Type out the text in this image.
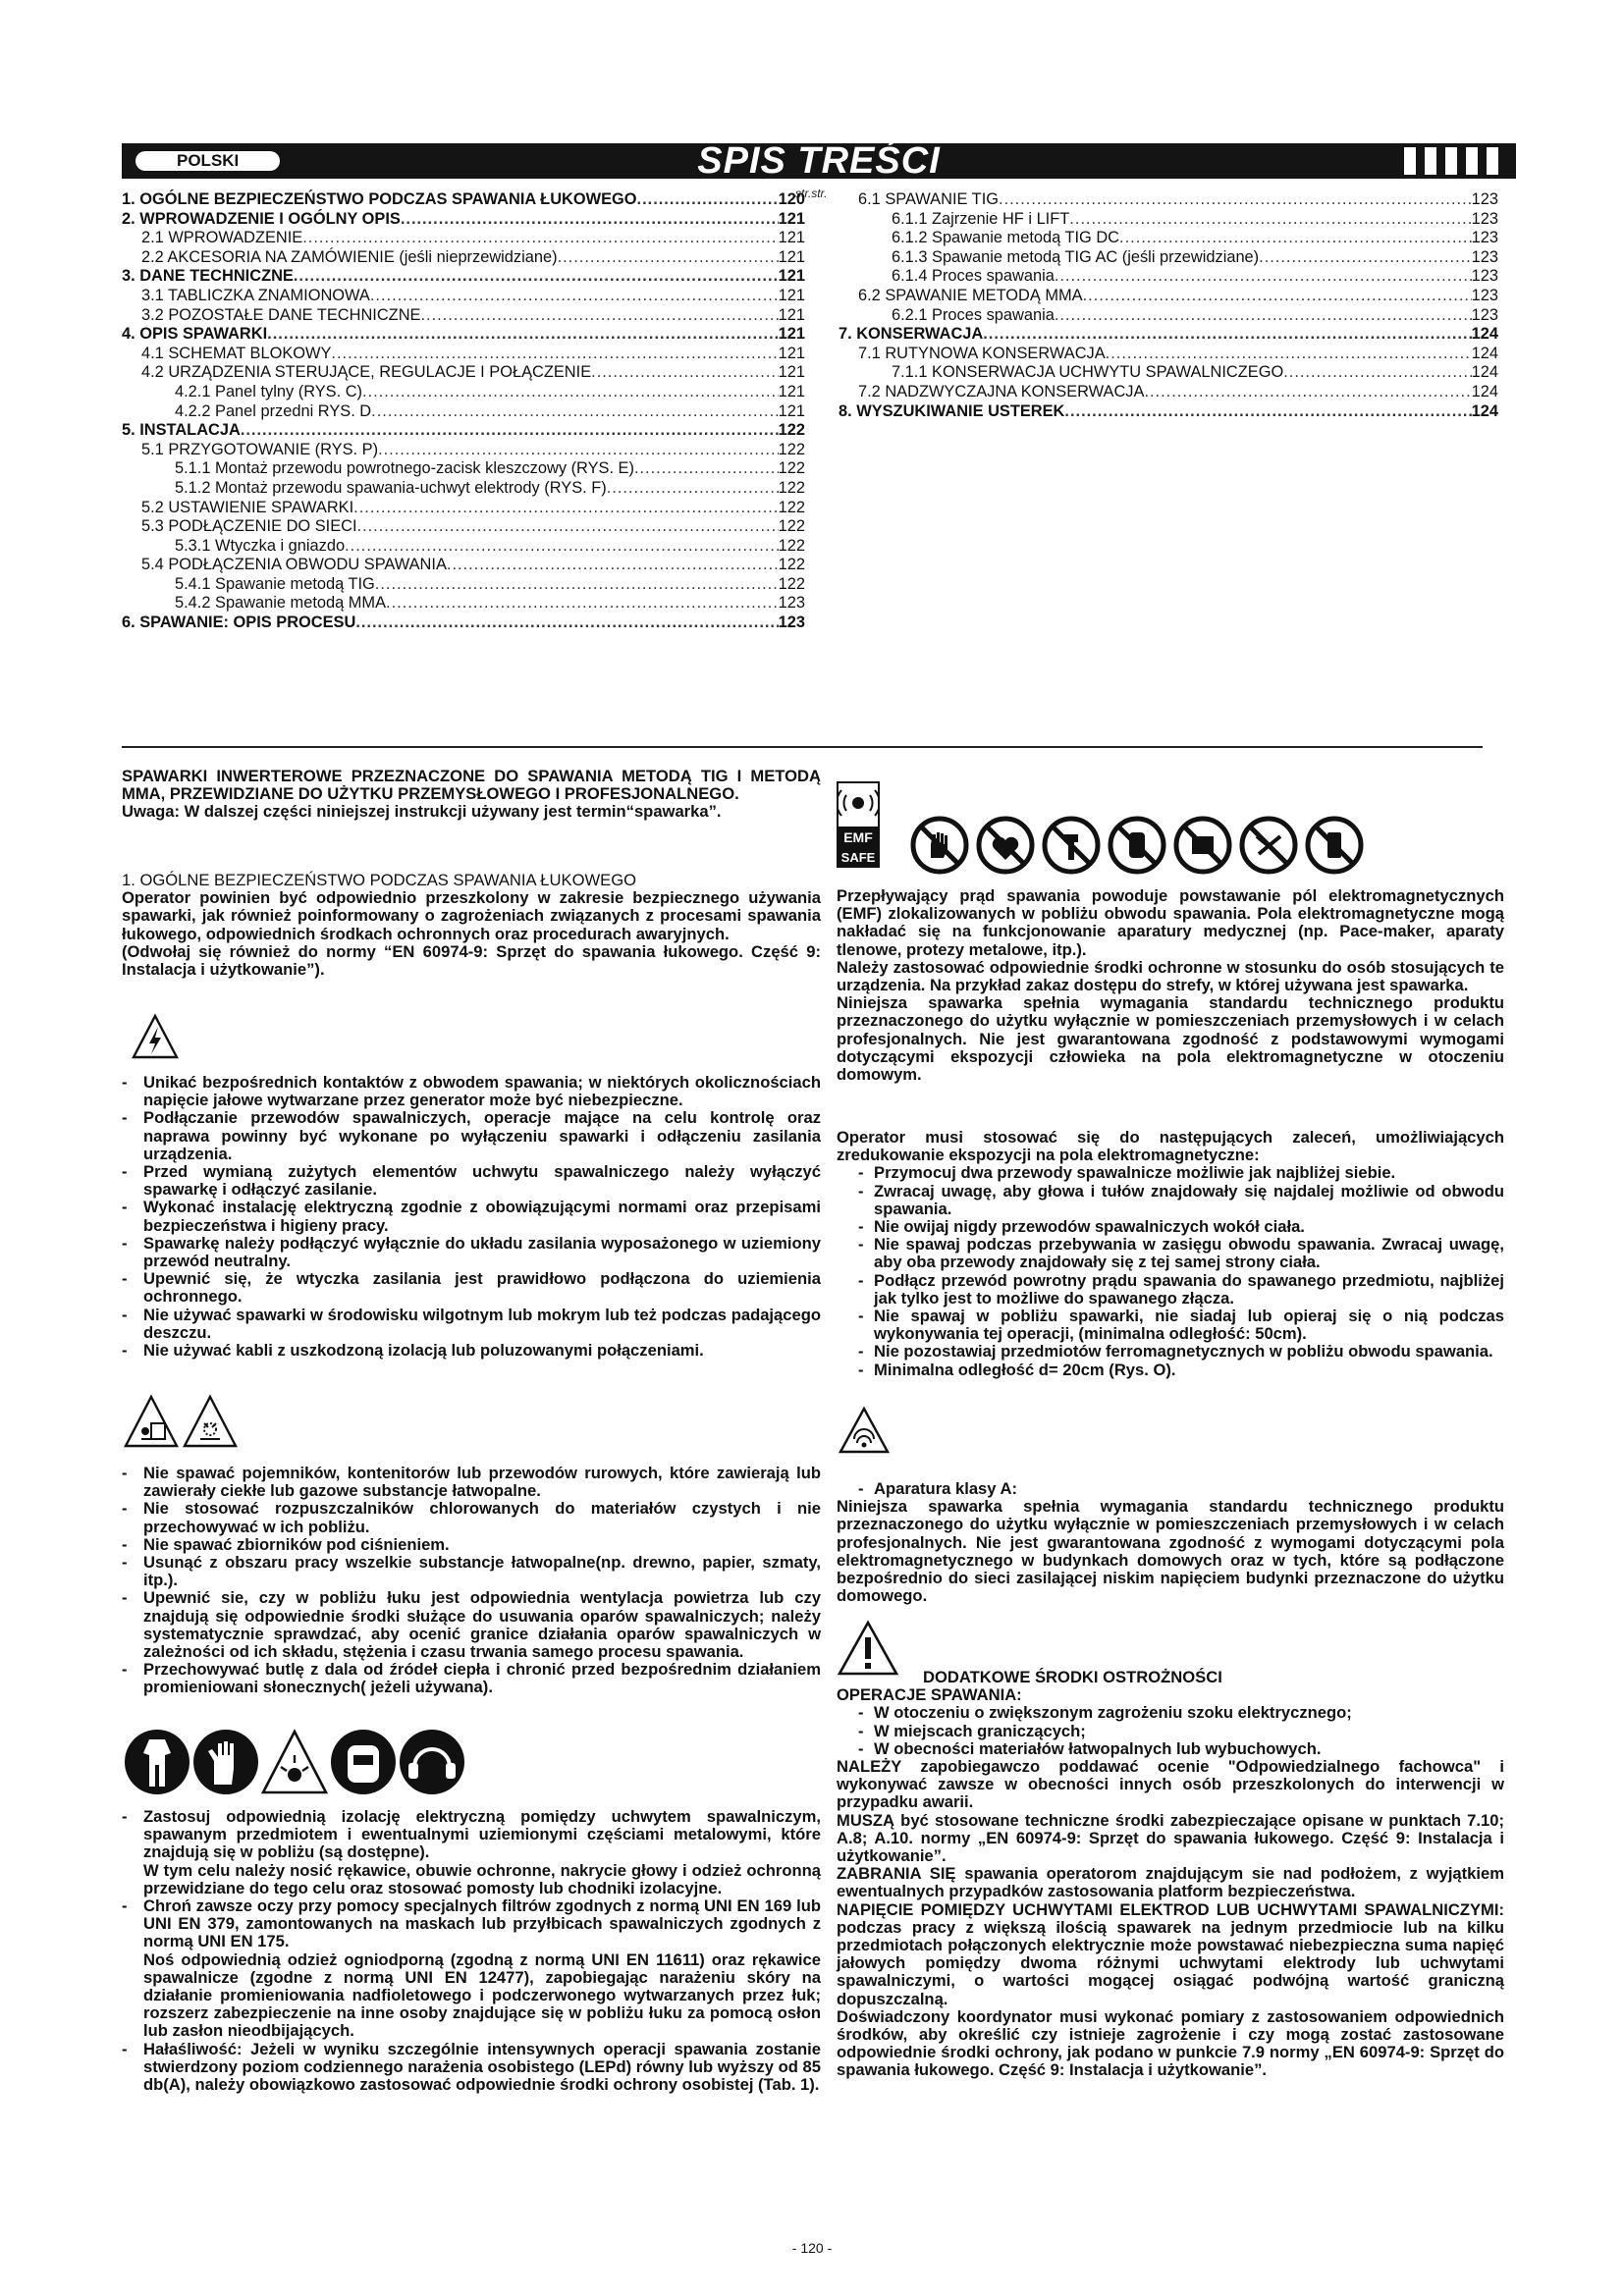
POLSKI	SPIS TREŚCI
str.str.
1. OGÓLNE BEZPIECZEŃSTWO PODCZAS SPAWANIA ŁUKOWEGO .....	120
2. WPROWADZENIE I OGÓLNY OPIS .....	121
2.1 WPROWADZENIE .....	121
2.2 AKCESORIA NA ZAMÓWIENIE (jeśli nieprzewidziane) .....	121
3. DANE TECHNICZNE .....	121
3.1 TABLICZKA ZNAMIONOWA .....	121
3.2 POZOSTAŁE DANE TECHNICZNE .....	121
4. OPIS SPAWARKI .....	121
4.1 SCHEMAT BLOKOWY .....	121
4.2 URZĄDZENIA STERUJĄCE, REGULACJE I POŁĄCZENIE .....	121
4.2.1 Panel tylny (RYS. C) .....	121
4.2.2 Panel przedni RYS. D .....	121
5. INSTALACJA .....	122
5.1 PRZYGOTOWANIE (RYS. P) .....	122
5.1.1 Montaż przewodu powrotnego-zacisk kleszczowy (RYS. E) .....	122
5.1.2 Montaż przewodu spawania-uchwyt elektrody (RYS. F) .....	122
5.2 USTAWIENIE SPAWARKI .....	122
5.3 PODŁĄCZENIE DO SIECI .....	122
5.3.1 Wtyczka i gniazdo .....	122
5.4 PODŁĄCZENIA OBWODU SPAWANIA .....	122
5.4.1 Spawanie metodą TIG .....	122
5.4.2 Spawanie metodą MMA .....	123
6. SPAWANIE: OPIS PROCESU .....	123
6.1 SPAWANIE TIG .....	123
6.1.1 Zajrzenie HF i LIFT .....	123
6.1.2 Spawanie metodą TIG DC .....	123
6.1.3 Spawanie metodą TIG AC (jeśli przewidziane) .....	123
6.1.4 Proces spawania .....	123
6.2 SPAWANIE METODĄ MMA .....	123
6.2.1 Proces spawania .....	123
7. KONSERWACJA .....	124
7.1 RUTYNOWA KONSERWACJA .....	124
7.1.1 KONSERWACJA UCHWYTU SPAWALNICZEGO .....	124
7.2 NADZWYCZAJNA KONSERWACJA .....	124
8. WYSZUKIWANIE USTEREK .....	124

SPAWARKI INWERTEROWE PRZEZNACZONE DO SPAWANIA METODĄ TIG I METODĄ MMA, PRZEWIDZIANE DO UŻYTKU PRZEMYSŁOWEGO I PROFESJONALNEGO.

Uwaga: W dalszej części niniejszej instrukcji używany jest termin“spawarka”.

1. OGÓLNE BEZPIECZEŃSTWO PODCZAS SPAWANIA ŁUKOWEGO

Operator powinien być odpowiednio przeszkolony w zakresie bezpiecznego używania spawarki, jak również poinformowany o zagrożeniach związanych z procesami spawania łukowego, odpowiednich środkach ochronnych oraz procedurach awaryjnych.

(Odwołaj się również do normy “EN 60974-9: Sprzęt do spawania łukowego. Część 9: Instalacja i użytkowanie”).

- Unikać bezpośrednich kontaktów z obwodem spawania; w niektórych okolicznościach napięcie jałowe wytwarzane przez generator może być niebezpieczne.

- Podłączanie przewodów spawalniczych, operacje mające na celu kontrolę oraz naprawa powinny być wykonane po wyłączeniu spawarki i odłączeniu zasilania urządzenia.

- Przed wymianą zużytych elementów uchwytu spawalniczego należy wyłączyć spawarkę i odłączyć zasilanie.

- Wykonać instalację elektryczną zgodnie z obowiązującymi normami oraz przepisami bezpieczeństwa i higieny pracy.

- Spawarkę należy podłączyć wyłącznie do układu zasilania wyposażonego w uziemiony przewód neutralny.

- Upewnić się, że wtyczka zasilania jest prawidłowo podłączona do uziemienia ochronnego.

- Nie używać spawarki w środowisku wilgotnym lub mokrym lub też podczas padającego deszczu.

- Nie używać kabli z uszkodzoną izolacją lub poluzowanymi połączeniami.

- Nie spawać pojemników, kontenitorów lub przewodów rurowych, które zawierają lub zawierały ciekłe lub gazowe substancje łatwopalne.

- Nie stosować rozpuszczalników chlorowanych do materiałów czystych i nie przechowywać w ich pobliżu.

- Nie spawać zbiorników pod ciśnieniem.

- Usunąć z obszaru pracy wszelkie substancje łatwopalne(np. drewno, papier, szmaty, itp.).

- Upewnić sie, czy w pobliżu łuku jest odpowiednia wentylacja powietrza lub czy znajdują się odpowiednie środki służące do usuwania oparów spawalniczych; należy systematycznie sprawdzać, aby ocenić granice działania oparów spawalniczych w zależności od ich składu, stężenia i czasu trwania samego procesu spawania.

- Przechowywać butlę z dala od źródeł ciepła i chronić przed bezpośrednim działaniem promieniowani słonecznych( jeżeli używana).

- Zastosuj odpowiednią izolację elektryczną pomiędzy uchwytem spawalniczym, spawanym przedmiotem i ewentualnymi uziemionymi częściami metalowymi, które znajdują się w pobliżu (są dostępne).

W tym celu należy nosić rękawice, obuwie ochronne, nakrycie głowy i odzież ochronną przewidziane do tego celu oraz stosować pomosty lub chodniki izolacyjne.

- Chroń zawsze oczy przy pomocy specjalnych filtrów zgodnych z normą UNI EN 169 lub UNI EN 379, zamontowanych na maskach lub przyłbicach spawalniczych zgodnych z normą UNI EN 175.

Noś odpowiednią odzież ogniodporną (zgodną z normą UNI EN 11611) oraz rękawice spawalnicze (zgodne z normą UNI EN 12477), zapobiegając narażeniu skóry na działanie promieniowania nadfioletowego i podczerwonego wytwarzanych przez łuk; rozszerz zabezpieczenie na inne osoby znajdujące się w pobliżu łuku za pomocą osłon lub zasłon nieodbijających.

- Hałaśliwość: Jeżeli w wyniku szczególnie intensywnych operacji spawania zostanie stwierdzony poziom codziennego narażenia osobistego (LEPd) równy lub wyższy od 85 db(A), należy obowiązkowo zastosować odpowiednie środki ochrony osobistej (Tab. 1).

EMF
SAFE

Przepływający prąd spawania powoduje powstawanie pól elektromagnetycznych (EMF) zlokalizowanych w pobliżu obwodu spawania. Pola elektromagnetyczne mogą nakładać się na funkcjonowanie aparatury medycznej (np. Pace-maker, aparaty tlenowe, protezy metalowe, itp.).

Należy zastosować odpowiednie środki ochronne w stosunku do osób stosujących te urządzenia. Na przykład zakaz dostępu do strefy, w której używana jest spawarka.

Niniejsza spawarka spełnia wymagania standardu technicznego produktu przeznaczonego do użytku wyłącznie w pomieszczeniach przemysłowych i w celach profesjonalnych. Nie jest gwarantowana zgodność z podstawowymi wymogami dotyczącymi ekspozycji człowieka na pola elektromagnetyczne w otoczeniu domowym.

Operator musi stosować się do następujących zaleceń, umożliwiających zredukowanie ekspozycji na pola elektromagnetyczne:

- Przymocuj dwa przewody spawalnicze możliwie jak najbliżej siebie.

- Zwracaj uwagę, aby głowa i tułów znajdowały się najdalej możliwie od obwodu spawania.

- Nie owijaj nigdy przewodów spawalniczych wokół ciała.

- Nie spawaj podczas przebywania w zasięgu obwodu spawania. Zwracaj uwagę, aby oba przewody znajdowały się z tej samej strony ciała.

- Podłącz przewód powrotny prądu spawania do spawanego przedmiotu, najbliżej jak tylko jest to możliwe do spawanego złącza.

- Nie spawaj w pobliżu spawarki, nie siadaj lub opieraj się o nią podczas wykonywania tej operacji, (minimalna odległość: 50cm).

- Nie pozostawiaj przedmiotów ferromagnetycznych w pobliżu obwodu spawania.

- Minimalna odległość d= 20cm (Rys. O).

- Aparatura klasy A:

Niniejsza spawarka spełnia wymagania standardu technicznego produktu przeznaczonego do użytku wyłącznie w pomieszczeniach przemysłowych i w celach profesjonalnych. Nie jest gwarantowana zgodność z wymogami dotyczącymi pola elektromagnetycznego w budynkach domowych oraz w tych, które są podłączone bezpośrednio do sieci zasilającej niskim napięciem budynki przeznaczone do użytku domowego.

DODATKOWE ŚRODKI OSTROŻNOŚCI

OPERACJE SPAWANIA:

- W otoczeniu o zwiększonym zagrożeniu szoku elektrycznego;

- W miejscach graniczących;

- W obecności materiałów łatwopalnych lub wybuchowych.

NALEŻY zapobiegawczo poddawać ocenie "Odpowiedzialnego fachowca" i wykonywać zawsze w obecności innych osób przeszkolonych do interwencji w przypadku awarii.

MUSZĄ być stosowane techniczne środki zabezpieczające opisane w punktach 7.10; A.8; A.10. normy „EN 60974-9: Sprzęt do spawania łukowego. Część 9: Instalacja i użytkowanie”.

ZABRANIA SIĘ spawania operatorom znajdującym sie nad podłożem, z wyjątkiem ewentualnych przypadków zastosowania platform bezpieczeństwa.

NAPIĘCIE POMIĘDZY UCHWYTAMI ELEKTROD LUB UCHWYTAMI SPAWALNICZYMI: podczas pracy z większą ilością spawarek na jednym przedmiocie lub na kilku przedmiotach połączonych elektrycznie może powstawać niebezpieczna suma napięć jałowych pomiędzy dwoma różnymi uchwytami elektrody lub uchwytami spawalniczymi, o wartości mogącej osiągać podwójną wartość graniczną dopuszczalną.

Doświadczony koordynator musi wykonać pomiary z zastosowaniem odpowiednich środków, aby określić czy istnieje zagrożenie i czy mogą zostać zastosowane odpowiednie środki ochrony, jak podano w punkcie 7.9 normy „EN 60974-9: Sprzęt do spawania łukowego. Część 9: Instalacja i użytkowanie”.

- 120 -
